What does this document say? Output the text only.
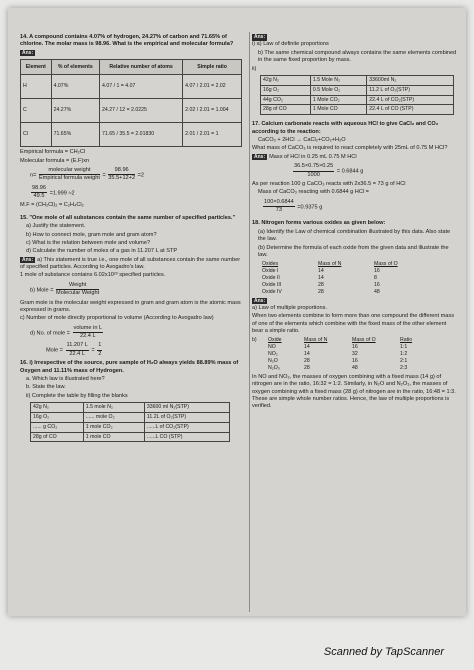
14. A compound contains 4.07% of hydrogen, 24.27% of carbon and 71.65% of chlorine. The molar mass is 98.96. What is the empirical and molecular formula?

Ans:
Element	% of elements	Relative number of atoms	Simple ratio
H	4.07%	4.07 / 1 = 4.07	4.07 / 2.01 = 2.02
C	24.27%	24.27 / 12 = 2.0225	2.02 / 2.01 = 1.004
Cl	71.65%	71.65 / 35.5 = 2.01830	2.01 / 2.01 = 1

Empirical formula = CH₂Cl

Molecular formula = (E.F)xn

$n= \frac{\text{molecular weight}}{\text{Empirical formula weight}} = \frac{98.96}{35.5+12+2} =2$
$\frac{98.96}{49.5} =1.999 \approx 2$

M.F = (CH₂Cl)₂ = C₂H₄Cl₂

15. "One mole of all substances contain the same number of specified particles."

a) Justify the statement.

b) How to connect mole, gram mole and gram atom?

c) What is the relation between mole and volume?

d) Calculate the number of moles of a gas in 11.207 L at STP

Ans: a) This statement is true i.e., one mole of all substances contain the same number of specified particles. According to Avogadro's law.

1 mole of substance contains 6.02x10²³ specified particles.

b) Mole = $\frac{\text{Weight}}{\text{Molecular Weight}}$

Gram mole is the molecular weight expressed in gram and gram atom is the atomic mass expressed in grams.

c) Number of mole directly proportional to volume (According to Avogadro law)

d) No. of mole = $\frac{\text{volume in L}}{22.4 L}$
Mole = $\frac{11.207 L}{22.4 L} = \frac{1}{2}$

16. i) Irrespective of the source, pure sample of H₂O always yields 88.89% mass of Oxygen and 11.11% mass of Hydrogen.

a. Which law is illustrated here?

b. State the law.

ii) Complete the table by filling the blanks

42g N₂	1.5 mole N₂	33600 ml N₂(STP)
16g O₂	...... mole O₂	11.2L of O₂(STP)
...... g CO₂	1 mole CO₂	......L of CO₂(STP)
28g of CO	1 mole CO	......L CO (STP)
Ans:

i) a) Law of definite proportions

b) The same chemical compound always contains the same elements combined in the same fixed proportion by mass.

ii)

42g N₂	1.5 Mole N₂	33600ml N₂
16g O₂	0.5 Mole O₂	11.2 L of O₂(STP)
44g CO₂	1 Mole CO₂	22.4 L of CO₂(STP)
28g of CO	1 Mole CO	22.4 L of CO (STP)

17. Calcium carbonate reacts with aqueous HCl to give CaCl₂ and CO₂ according to the reaction:

CaCO₃ + 2HCl → CaCl₂+CO₂+H₂O

What mass of CaCO₃ is required to react completely with 25mL of 0.75 M HCl?

Ans: Mass of HCl in 0.25 mL 0.75 M HCl

$\frac{36.5\times 0.75\times 0.25}{1000} = 0.6844$ g

As per reaction 100 g CaCO₃ reacts with 2x36.5 = 73 g of HCl

Mass of CaCO₃ reacting with 0.6844 g HCl =

$\frac{100\times 0.6844}{73} =0.9375$ g

18. Nitrogen forms various oxides as given below:

(a) Identify the Law of chemical combination illustrated by this data. Also state the law.

(b) Determine the formula of each oxide from the given data and illustrate the law.

Oxides	Mass of N	Mass of O
Oxide I	14	16
Oxide II	14	8
Oxide III	28	16
Oxide IV	28	48
Ans:

a) Law of multiple proportions.

When two elements combine to form more than one compound the different mass of one of the elements which combine with the fixed mass of the other element bear a simple ratio.

b)	Oxide	Mass of N	Mass of O	Ratio
	NO	14	16	1:1
	NO₂	14	32	1:2
	N₂O	28	16	2:1
	N₂O₃	28	48	2:3

In NO and NO₂, the masses of oxygen combining with a fixed mass (14 g) of nitrogen are in the ratio, 16:32 = 1:2. Similarly, in N₂O and N₂O₃, the masses of oxygen combining with a fixed mass (28 g) of nitrogen are in the ratio, 16:48 = 1:3. These are simple whole number ratios. Hence, the law of multiple proportions is verified.

Scanned by TapScanner
